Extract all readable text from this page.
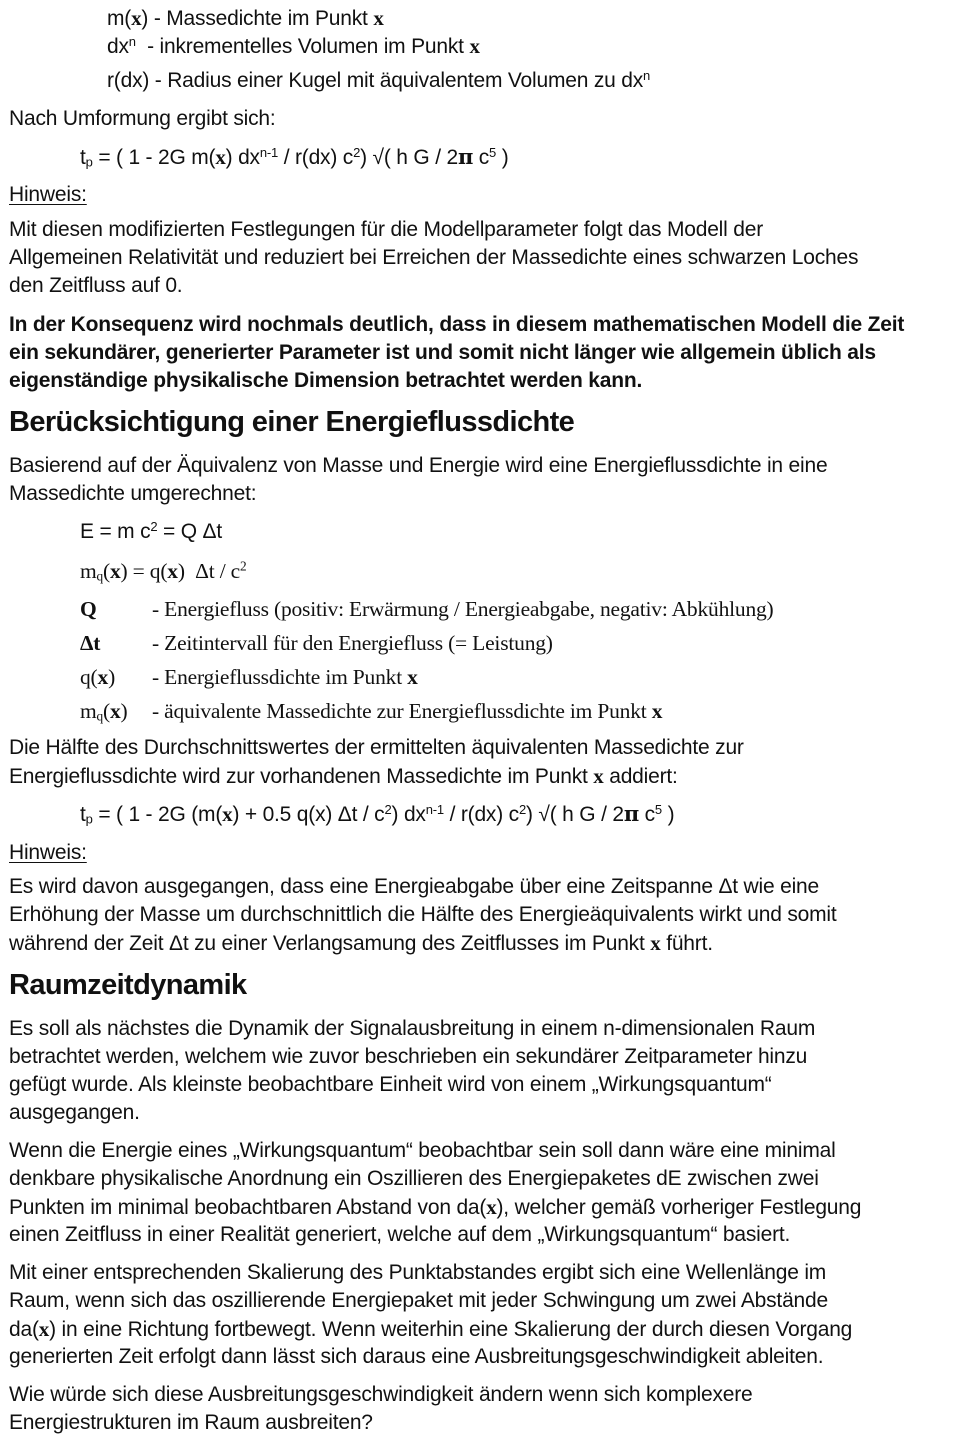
m(x) - Massedichte im Punkt x
$dx^n$  - inkrementelles Volumen im Punkt x
r(dx) - Radius einer Kugel mit äquivalentem Volumen zu $dx^n$
Nach Umformung ergibt sich:
$t_p$ = ( 1 - 2G m(x) $dx^{n-1} / r(dx)$ $c^2$) √( h G / 2π $c^5$ )
Hinweis:
Mit diesen modifizierten Festlegungen für die Modellparameter folgt das Modell der
Allgemeinen Relativität und reduziert bei Erreichen der Massedichte eines schwarzen Loches
den Zeitfluss auf 0.
In der Konsequenz wird nochmals deutlich, dass in diesem mathematischen Modell die Zeit
ein sekundärer, generierter Parameter ist und somit nicht länger wie allgemein üblich als
eigenständige physikalische Dimension betrachtet werden kann.
Berücksichtigung einer Energieflussdichte
Basierend auf der Äquivalenz von Masse und Energie wird eine Energieflussdichte in eine
Massedichte umgerechnet:
E = m $c^2 = Q$ Δt
$m_q(x) = q(x)$  Δt / $c^2$
Q	- Energiefluss (positiv: Erwärmung / Energieabgabe, negativ: Abkühlung)
Δt - Zeitintervall für den Energiefluss (= Leistung)
q(x) - Energieflussdichte im Punkt x
$m_q(x)$ - äquivalente Massedichte zur Energieflussdichte im Punkt x
Die Hälfte des Durchschnittswertes der ermittelten äquivalenten Massedichte zur
Energieflussdichte wird zur vorhandenen Massedichte im Punkt x addiert:
$t_p$ = ( 1 - 2G (m(x) + 0.5 q(x) Δt / $c^2$) $dx^{n-1} / r(dx)$ $c^2$) √( h G / 2π $c^5$ )
Hinweis:
Es wird davon ausgegangen, dass eine Energieabgabe über eine Zeitspanne Δt wie eine
Erhöhung der Masse um durchschnittlich die Hälfte des Energieäquivalents wirkt und somit
während der Zeit Δt zu einer Verlangsamung des Zeitflusses im Punkt x führt.
Raumzeitdynamik
Es soll als nächstes die Dynamik der Signalausbreitung in einem n-dimensionalen Raum
betrachtet werden, welchem wie zuvor beschrieben ein sekundärer Zeitparameter hinzu
gefügt wurde. Als kleinste beobachtbare Einheit wird von einem „Wirkungsquantum“
ausgegangen.
Wenn die Energie eines „Wirkungsquantum“ beobachtbar sein soll dann wäre eine minimal
denkbare physikalische Anordnung ein Oszillieren des Energiepaketes dE zwischen zwei
Punkten im minimal beobachtbaren Abstand von da(x), welcher gemäß vorheriger Festlegung
einen Zeitfluss in einer Realität generiert, welche auf dem „Wirkungsquantum“ basiert.
Mit einer entsprechenden Skalierung des Punktabstandes ergibt sich eine Wellenlänge im
Raum, wenn sich das oszillierende Energiepaket mit jeder Schwingung um zwei Abstände
da(x) in eine Richtung fortbewegt. Wenn weiterhin eine Skalierung der durch diesen Vorgang
generierten Zeit erfolgt dann lässt sich daraus eine Ausbreitungsgeschwindigkeit ableiten.
Wie würde sich diese Ausbreitungsgeschwindigkeit ändern wenn sich komplexere
Energiestrukturen im Raum ausbreiten?
